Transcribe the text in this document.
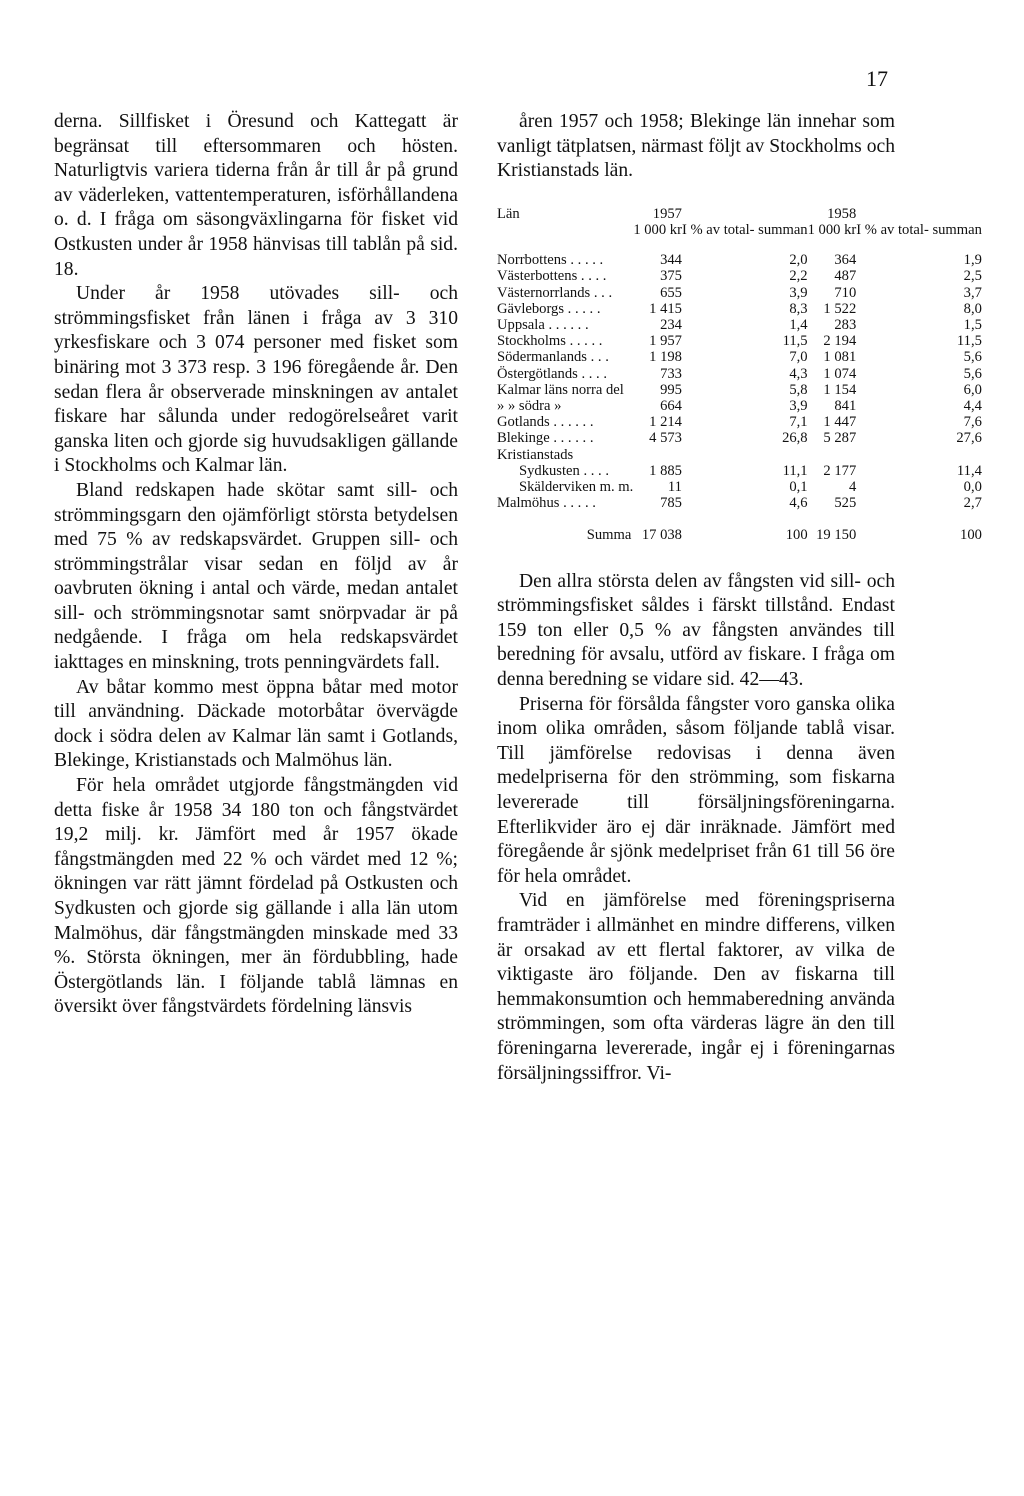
17

derna. Sillfisket i Öresund och Kattegatt är begränsat till eftersommaren och hösten. Naturligtvis variera tiderna från år till år på grund av väderleken, vattentemperaturen, isförhållandena o. d. I fråga om säsongväxlingarna för fisket vid Ostkusten under år 1958 hänvisas till tablån på sid. 18.

Under år 1958 utövades sill- och strömmingsfisket från länen i fråga av 3 310 yrkesfiskare och 3 074 personer med fisket som binäring mot 3 373 resp. 3 196 föregående år. Den sedan flera år observerade minskningen av antalet fiskare har sålunda under redogörelseåret varit ganska liten och gjorde sig huvudsakligen gällande i Stockholms och Kalmar län.

Bland redskapen hade skötar samt sill- och strömmingsgarn den ojämförligt största betydelsen med 75 % av redskapsvärdet. Gruppen sill- och strömmingstrålar visar sedan en följd av år oavbruten ökning i antal och värde, medan antalet sill- och strömmingsnotar samt snörpvadar är på nedgående. I fråga om hela redskapsvärdet iakttages en minskning, trots penningvärdets fall.

Av båtar kommo mest öppna båtar med motor till användning. Däckade motorbåtar övervägde dock i södra delen av Kalmar län samt i Gotlands, Blekinge, Kristianstads och Malmöhus län.

För hela området utgjorde fångstmängden vid detta fiske år 1958 34 180 ton och fångstvärdet 19,2 milj. kr. Jämfört med år 1957 ökade fångstmängden med 22 % och värdet med 12 %; ökningen var rätt jämnt fördelad på Ostkusten och Sydkusten och gjorde sig gällande i alla län utom Malmöhus, där fångstmängden minskade med 33 %. Största ökningen, mer än fördubbling, hade Östergötlands län. I följande tablå lämnas en översikt över fångstvärdets fördelning länsvis

åren 1957 och 1958; Blekinge län innehar som vanligt tätplatsen, närmast följt av Stockholms och Kristianstads län.

Län	1957		1958	
	1 000 kr	I % av total- summan	1 000 kr	I % av total- summan

Norrbottens . . . . .	344	2,0	364	1,9
Västerbottens . . . .	375	2,2	487	2,5
Västernorrlands . . .	655	3,9	710	3,7
Gävleborgs . . . . .	1 415	8,3	1 522	8,0
Uppsala . . . . . .	234	1,4	283	1,5
Stockholms . . . . .	1 957	11,5	2 194	11,5
Södermanlands . . .	1 198	7,0	1 081	5,6
Östergötlands . . . .	733	4,3	1 074	5,6
Kalmar läns norra del	995	5,8	1 154	6,0
» » södra »	664	3,9	841	4,4
Gotlands . . . . . .	1 214	7,1	1 447	7,6
Blekinge . . . . . .	4 573	26,8	5 287	27,6
Kristianstads				
Sydkusten . . . .	1 885	11,1	2 177	11,4
Skälderviken m. m.	11	0,1	4	0,0
Malmöhus . . . . .	785	4,6	525	2,7
Summa	17 038	100	19 150	100

Den allra största delen av fångsten vid sill- och strömmingsfisket såldes i färskt tillstånd. Endast 159 ton eller 0,5 % av fångsten användes till beredning för avsalu, utförd av fiskare. I fråga om denna beredning se vidare sid. 42—43.

Priserna för försålda fångster voro ganska olika inom olika områden, såsom följande tablå visar. Till jämförelse redovisas i denna även medelpriserna för den strömming, som fiskarna levererade till försäljningsföreningarna. Efterlikvider äro ej där inräknade. Jämfört med föregående år sjönk medelpriset från 61 till 56 öre för hela området.

Vid en jämförelse med föreningspriserna framträder i allmänhet en mindre differens, vilken är orsakad av ett flertal faktorer, av vilka de viktigaste äro följande. Den av fiskarna till hemmakonsumtion och hemmaberedning använda strömmingen, som ofta värderas lägre än den till föreningarna levererade, ingår ej i föreningarnas försäljningssiffror. Vi-
